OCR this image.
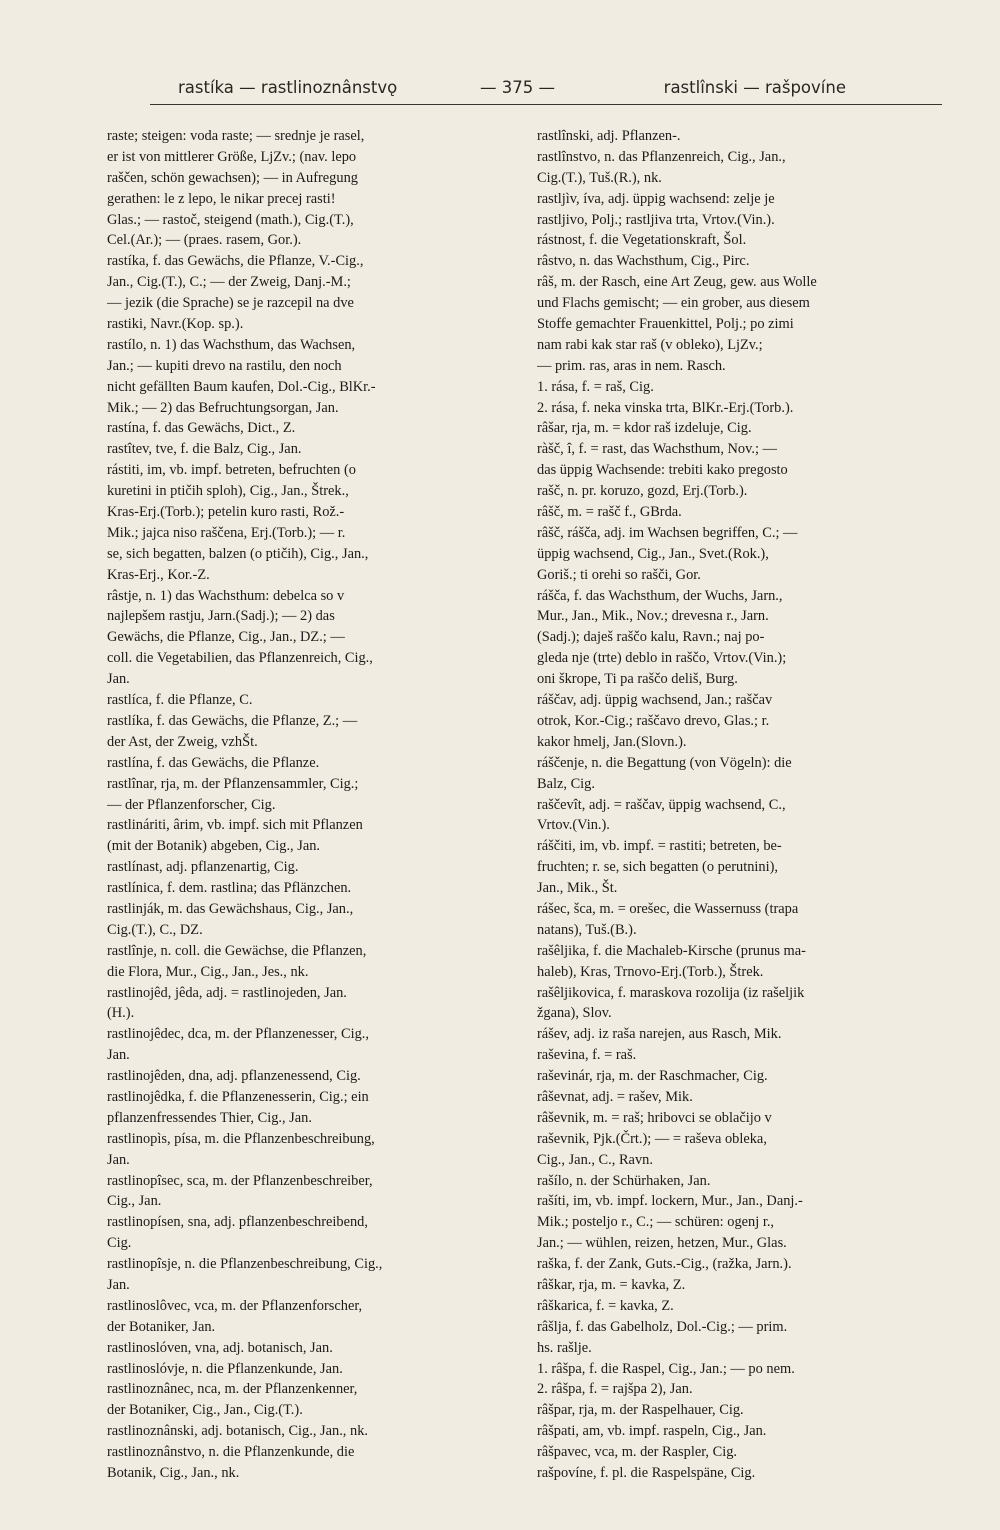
rastíka — rastlinoznânstvǫ	— 375 —	rastlînski — rašpovíne
raste; steigen: voda raste; — srednje je rasel,
er ist von mittlerer Größe, LjZv.; (nav. lepo
raščen, schön gewachsen); — in Aufregung
gerathen: le z lepo, le nikar precej rasti!
Glas.; — rastoč, steigend (math.), Cig.(T.),
Cel.(Ar.); — (praes. rasem, Gor.).
rastíka, f. das Gewächs, die Pflanze, V.-Cig.,
Jan., Cig.(T.), C.; — der Zweig, Danj.-M.;
— jezik (die Sprache) se je razcepil na dve
rastiki, Navr.(Kop. sp.).
rastílo, n. 1) das Wachsthum, das Wachsen,
Jan.; — kupiti drevo na rastilu, den noch
nicht gefällten Baum kaufen, Dol.-Cig., BlKr.-
Mik.; — 2) das Befruchtungsorgan, Jan.
rastína, f. das Gewächs, Dict., Z.
rastîtev, tve, f. die Balz, Cig., Jan.
rástiti, im, vb. impf. betreten, befruchten (o
kuretini in ptičih sploh), Cig., Jan., Štrek.,
Kras-Erj.(Torb.); petelin kuro rasti, Rož.-
Mik.; jajca niso raščena, Erj.(Torb.); — r.
se, sich begatten, balzen (o ptičih), Cig., Jan.,
Kras-Erj., Kor.-Z.
râstje, n. 1) das Wachsthum: debelca so v
najlepšem rastju, Jarn.(Sadj.); — 2) das
Gewächs, die Pflanze, Cig., Jan., DZ.; —
coll. die Vegetabilien, das Pflanzenreich, Cig.,
Jan.
rastlíca, f. die Pflanze, C.
rastlíka, f. das Gewächs, die Pflanze, Z.; —
der Ast, der Zweig, vzhŠt.
rastlína, f. das Gewächs, die Pflanze.
rastlînar, rja, m. der Pflanzensammler, Cig.;
— der Pflanzenforscher, Cig.
rastlináriti, ârim, vb. impf. sich mit Pflanzen
(mit der Botanik) abgeben, Cig., Jan.
rastlínast, adj. pflanzenartig, Cig.
rastlínica, f. dem. rastlina; das Pflänzchen.
rastlinják, m. das Gewächshaus, Cig., Jan.,
Cig.(T.), C., DZ.
rastlînje, n. coll. die Gewächse, die Pflanzen,
die Flora, Mur., Cig., Jan., Jes., nk.
rastlinojêd, jêda, adj. = rastlinojeden, Jan.
(H.).
rastlinojêdec, dca, m. der Pflanzenesser, Cig.,
Jan.
rastlinojêden, dna, adj. pflanzenessend, Cig.
rastlinojêdka, f. die Pflanzenesserin, Cig.; ein
pflanzenfressendes Thier, Cig., Jan.
rastlinopìs, písa, m. die Pflanzenbeschreibung,
Jan.
rastlinopîsec, sca, m. der Pflanzenbeschreiber,
Cig., Jan.
rastlinopísen, sna, adj. pflanzenbeschreibend,
Cig.
rastlinopîsje, n. die Pflanzenbeschreibung, Cig.,
Jan.
rastlinoslôvec, vca, m. der Pflanzenforscher,
der Botaniker, Jan.
rastlinoslóven, vna, adj. botanisch, Jan.
rastlinoslóvje, n. die Pflanzenkunde, Jan.
rastlinoznânec, nca, m. der Pflanzenkenner,
der Botaniker, Cig., Jan., Cig.(T.).
rastlinoznânski, adj. botanisch, Cig., Jan., nk.
rastlinoznânstvo, n. die Pflanzenkunde, die
Botanik, Cig., Jan., nk.
rastlînski, adj. Pflanzen-.
rastlînstvo, n. das Pflanzenreich, Cig., Jan.,
Cig.(T.), Tuš.(R.), nk.
rastljìv, íva, adj. üppig wachsend: zelje je
rastljivo, Polj.; rastljiva trta, Vrtov.(Vin.).
rástnost, f. die Vegetationskraft, Šol.
râstvo, n. das Wachsthum, Cig., Pirc.
râš, m. der Rasch, eine Art Zeug, gew. aus Wolle
und Flachs gemischt; — ein grober, aus diesem
Stoffe gemachter Frauenkittel, Polj.; po zimi
nam rabi kak star raš (v obleko), LjZv.;
— prim. ras, aras in nem. Rasch.
1. rása, f. = raš, Cig.
2. rása, f. neka vinska trta, BlKr.-Erj.(Torb.).
râšar, rja, m. = kdor raš izdeluje, Cig.
ràšč, î, f. = rast, das Wachsthum, Nov.; —
das üppig Wachsende: trebiti kako pregosto
rašč, n. pr. koruzo, gozd, Erj.(Torb.).
râšč, m. = rašč f., GBrda.
râšč, rášča, adj. im Wachsen begriffen, C.; —
üppig wachsend, Cig., Jan., Svet.(Rok.),
Goriš.; ti orehi so rašči, Gor.
ráščа, f. das Wachsthum, der Wuchs, Jarn.,
Mur., Jan., Mik., Nov.; drevesna r., Jarn.
(Sadj.); daješ raščo kalu, Ravn.; naj po-
gleda nje (trte) deblo in raščo, Vrtov.(Vin.);
oni škrope, Ti pa raščo deliš, Burg.
ráščav, adj. üppig wachsend, Jan.; raščav
otrok, Kor.-Cig.; raščavo drevo, Glas.; r.
kakor hmelj, Jan.(Slovn.).
ráščenje, n. die Begattung (von Vögeln): die
Balz, Cig.
raščevît, adj. = raščav, üppig wachsend, C.,
Vrtov.(Vin.).
ráščiti, im, vb. impf. = rastiti; betreten, be-
fruchten; r. se, sich begatten (o perutnini),
Jan., Mik., Št.
rášec, šca, m. = orešec, die Wassernuss (trapa
natans), Tuš.(B.).
rašêljika, f. die Machaleb-Kirsche (prunus ma-
haleb), Kras, Trnovo-Erj.(Torb.), Štrek.
rašêljikovica, f. maraskova rozolija (iz rašeljik
žgana), Slov.
rášev, adj. iz raša narejen, aus Rasch, Mik.
raševina, f. = raš.
raševinár, rja, m. der Raschmacher, Cig.
râševnat, adj. = rašev, Mik.
râševnik, m. = raš; hribovci se oblačijo v
raševnik, Pjk.(Črt.); — = raševa obleka,
Cig., Jan., C., Ravn.
rašílo, n. der Schürhaken, Jan.
rašíti, im, vb. impf. lockern, Mur., Jan., Danj.-
Mik.; posteljo r., C.; — schüren: ogenj r.,
Jan.; — wühlen, reizen, hetzen, Mur., Glas.
raška, f. der Zank, Guts.-Cig., (ražka, Jarn.).
râškar, rja, m. = kavka, Z.
râškarica, f. = kavka, Z.
râšlja, f. das Gabelholz, Dol.-Cig.; — prim.
hs. rašlje.
1. râšpa, f. die Raspel, Cig., Jan.; — po nem.
2. râšpa, f. = rajšpa 2), Jan.
râšpar, rja, m. der Raspelhauer, Cig.
râšpati, am, vb. impf. raspeln, Cig., Jan.
râšpavec, vca, m. der Raspler, Cig.
rašpovíne, f. pl. die Raspelspäne, Cig.
